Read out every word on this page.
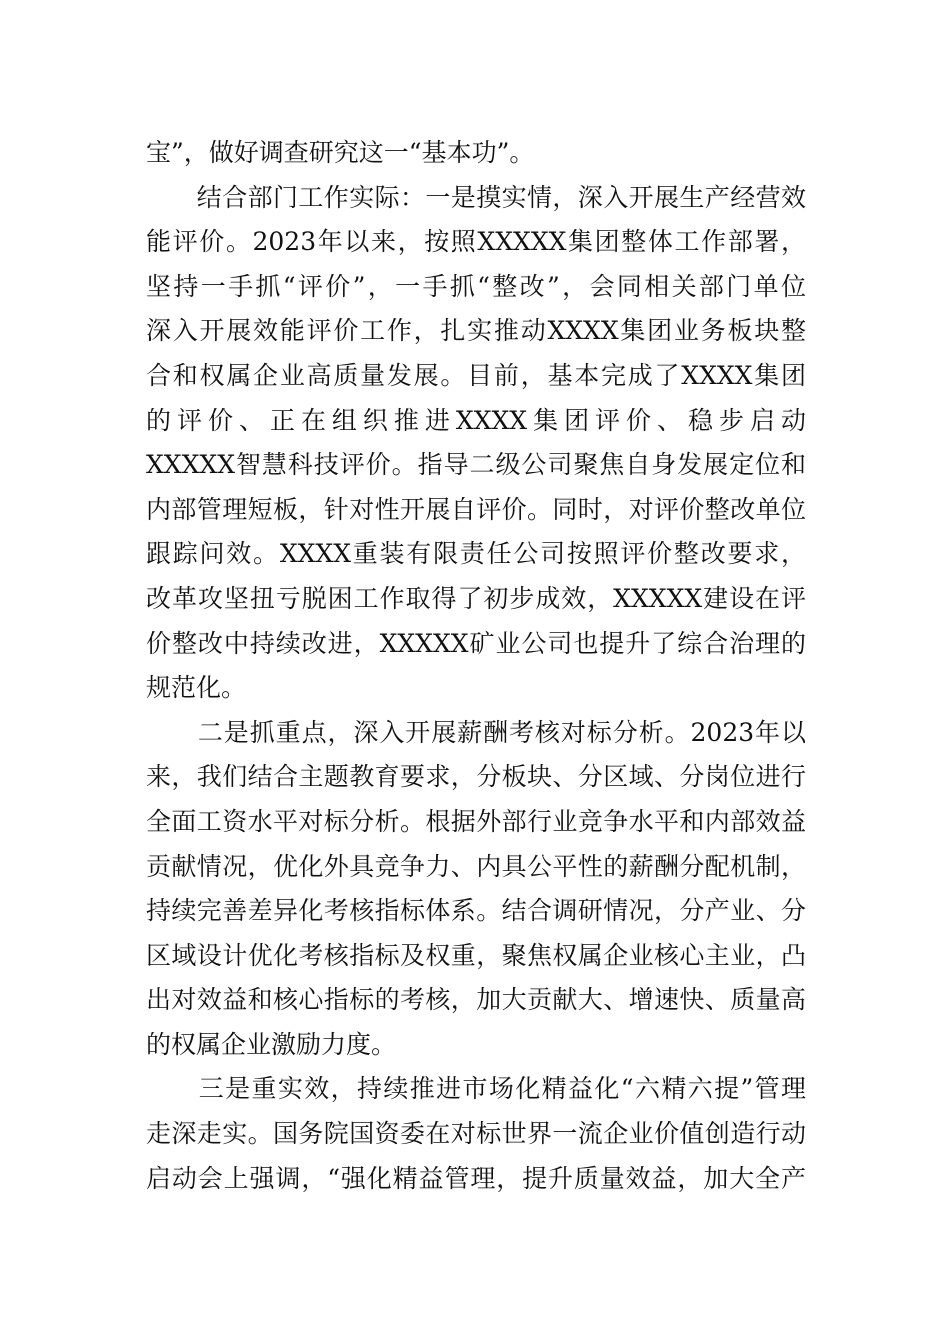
宝”，做好调查研究这一“基本功”。
　　结合部门工作实际：一是摸实情，深入开展生产经营效
能评价。2023年以来，按照XXXXX集团整体工作部署，
坚持一手抓“评价”，一手抓“整改”，会同相关部门单位
深入开展效能评价工作，扎实推动XXXX集团业务板块整
合和权属企业高质量发展。目前，基本完成了XXXX集团
的评价、正在组织推进XXXX集团评价、稳步启动
XXXXX智慧科技评价。指导二级公司聚焦自身发展定位和
内部管理短板，针对性开展自评价。同时，对评价整改单位
跟踪问效。XXXX重装有限责任公司按照评价整改要求，
改革攻坚扭亏脱困工作取得了初步成效，XXXXX建设在评
价整改中持续改进，XXXXX矿业公司也提升了综合治理的
规范化。
　　二是抓重点，深入开展薪酬考核对标分析。2023年以
来，我们结合主题教育要求，分板块、分区域、分岗位进行
全面工资水平对标分析。根据外部行业竞争水平和内部效益
贡献情况，优化外具竞争力、内具公平性的薪酬分配机制，
持续完善差异化考核指标体系。结合调研情况，分产业、分
区域设计优化考核指标及权重，聚焦权属企业核心主业，凸
出对效益和核心指标的考核，加大贡献大、增速快、质量高
的权属企业激励力度。
　　三是重实效，持续推进市场化精益化“六精六提”管理
走深走实。国务院国资委在对标世界一流企业价值创造行动
启动会上强调，“强化精益管理，提升质量效益，加大全产
